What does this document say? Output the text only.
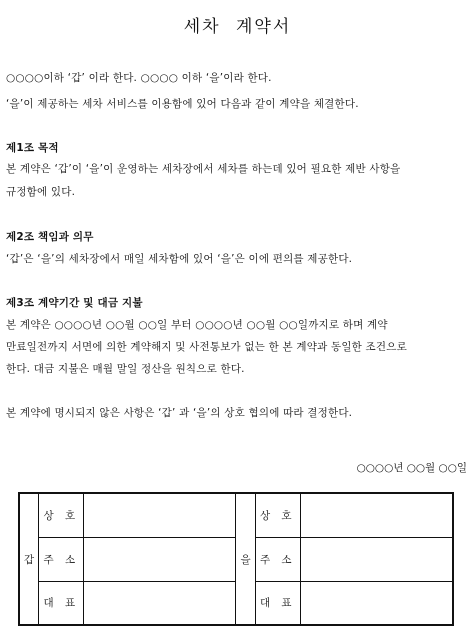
세차 계약서
○○○○이하 ‘갑’ 이라 한다. ○○○○ 이하 ‘을’이라 한다.
‘을’이 제공하는 세차 서비스를 이용함에 있어 다음과 같이 계약을 체결한다.
제1조 목적
본 계약은 ‘갑’이 ‘을’이 운영하는 세차장에서 세차를 하는데 있어 필요한 제반 사항을
규정함에 있다.
제2조 책임과 의무
‘갑’은 ‘을’의 세차장에서 매일 세차함에 있어 ‘을’은 이에 편의를 제공한다.
제3조 계약기간 및 대금 지불
본 계약은 ○○○○년 ○○월 ○○일 부터 ○○○○년 ○○월 ○○일까지로 하며 계약
만료일전까지 서면에 의한 계약해지 및 사전통보가 없는 한 본 계약과 동일한 조건으로
한다. 대금 지불은 매월 말일 정산을 원칙으로 한다.
본 계약에 명시되지 않은 사항은 ‘갑’ 과 ‘을’의 상호 협의에 따라 결정한다.
○○○○년 ○○월 ○○일
갑	상 호		을	상 호	
	주 소			주 소	
	대 표			대 표	
